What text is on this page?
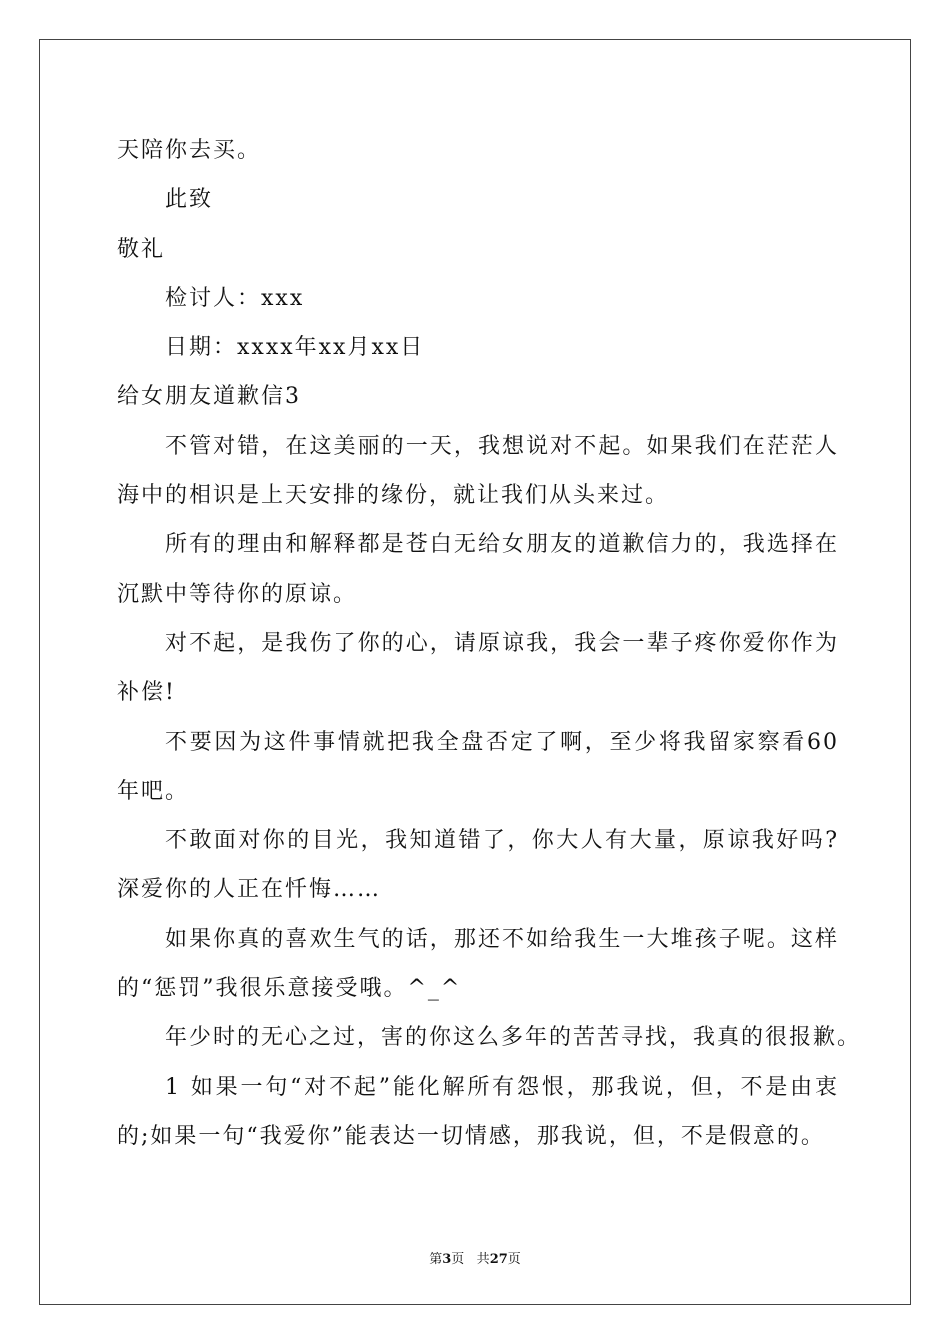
天陪你去买。
此致
敬礼
检讨人：xxx
日期：xxxx年xx月xx日
给女朋友道歉信3
不管对错，在这美丽的一天，我想说对不起。如果我们在茫茫人
海中的相识是上天安排的缘份，就让我们从头来过。
所有的理由和解释都是苍白无给女朋友的道歉信力的，我选择在
沉默中等待你的原谅。
对不起，是我伤了你的心，请原谅我，我会一辈子疼你爱你作为
补偿!
不要因为这件事情就把我全盘否定了啊，至少将我留家察看60
年吧。
不敢面对你的目光，我知道错了，你大人有大量，原谅我好吗?
深爱你的人正在忏悔……
如果你真的喜欢生气的话，那还不如给我生一大堆孩子呢。这样
的“惩罚”我很乐意接受哦。^_^
年少时的无心之过，害的你这么多年的苦苦寻找，我真的很报歉。
1 如果一句“对不起”能化解所有怨恨，那我说，但，不是由衷
的;如果一句“我爱你”能表达一切情感，那我说，但，不是假意的。
第3页 共27页
